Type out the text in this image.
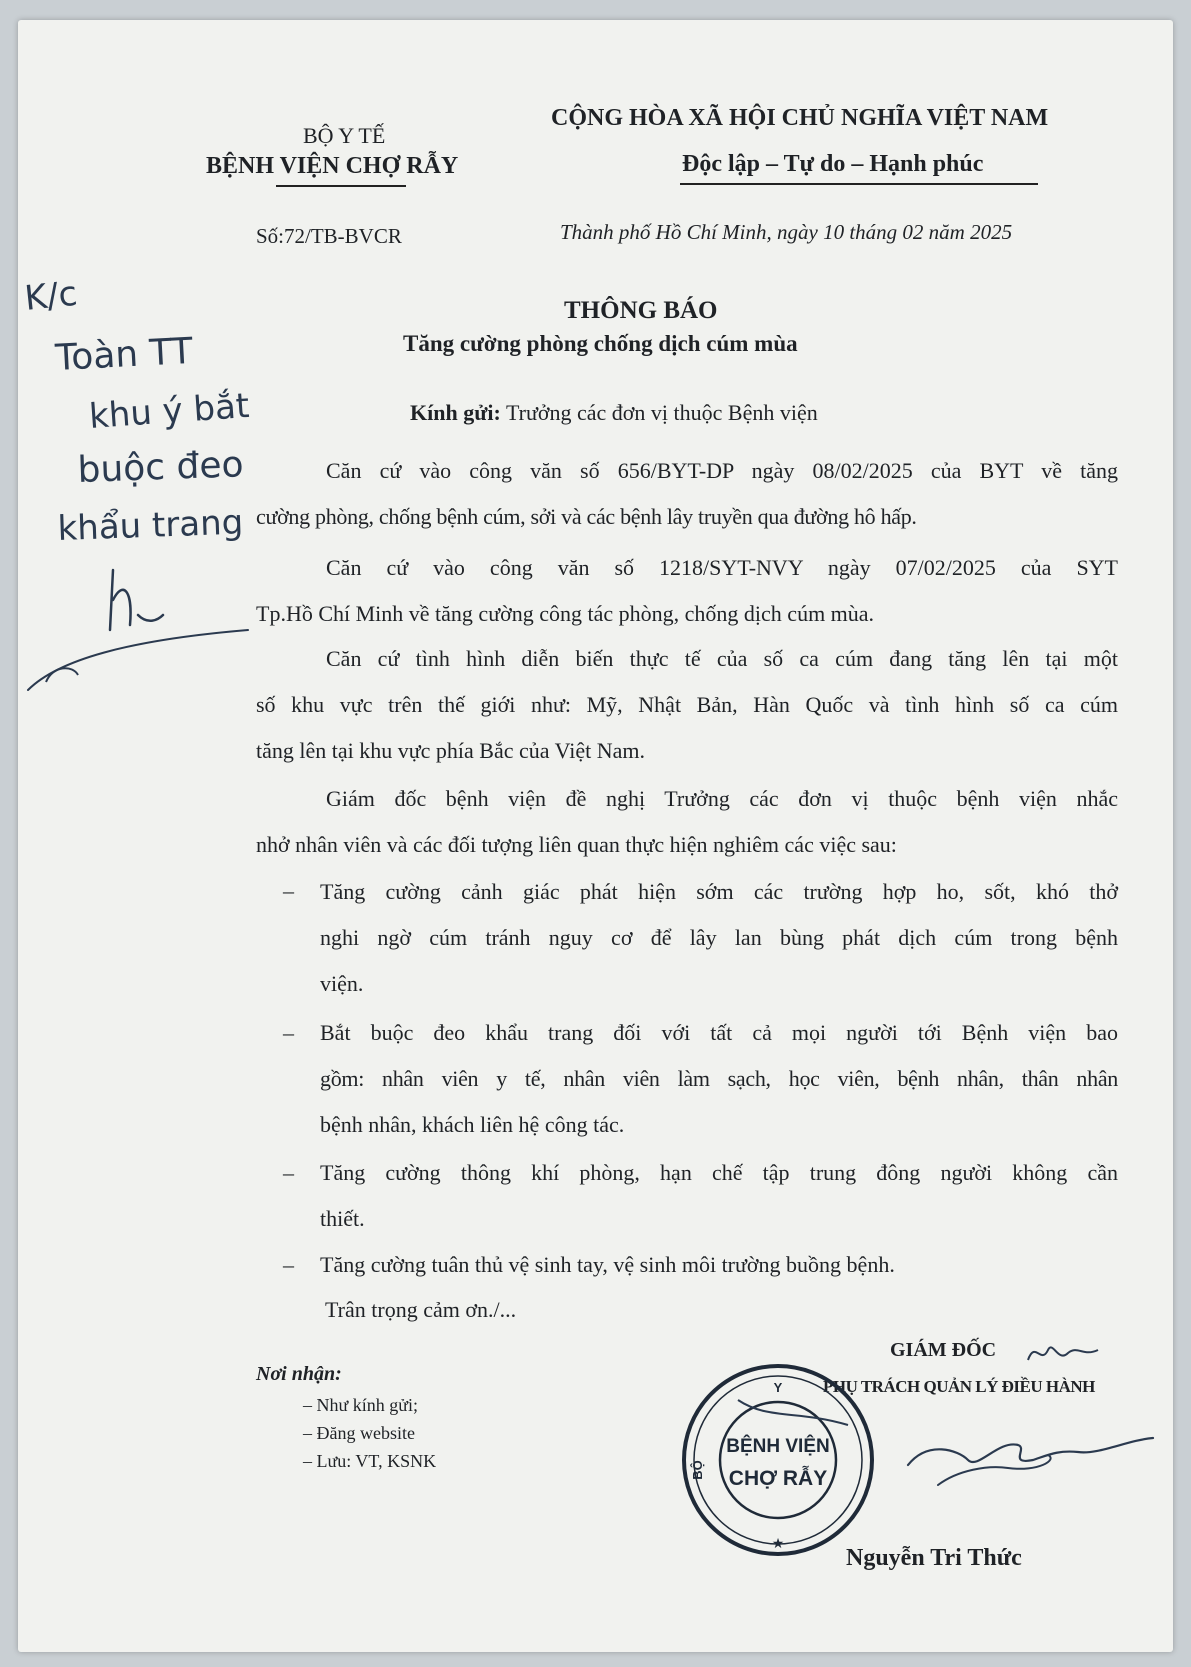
BỘ Y TẾ
BỆNH VIỆN CHỢ RẪY
CỘNG HÒA XÃ HỘI CHỦ NGHĨA VIỆT NAM
Độc lập – Tự do – Hạnh phúc
Số:72/TB-BVCR	Thành phố Hồ Chí Minh, ngày 10 tháng 02 năm 2025
THÔNG BÁO
Tăng cường phòng chống dịch cúm mùa
Kính gửi: Trưởng các đơn vị thuộc Bệnh viện
Căn cứ vào công văn số 656/BYT-DP ngày 08/02/2025 của BYT về tăng
cường phòng, chống bệnh cúm, sởi và các bệnh lây truyền qua đường hô hấp.
Căn cứ vào công văn số 1218/SYT-NVY ngày 07/02/2025 của SYT
Tp.Hồ Chí Minh về tăng cường công tác phòng, chống dịch cúm mùa.
Căn cứ tình hình diễn biến thực tế của số ca cúm đang tăng lên tại một
số khu vực trên thế giới như: Mỹ, Nhật Bản, Hàn Quốc và tình hình số ca cúm
tăng lên tại khu vực phía Bắc của Việt Nam.
Giám đốc bệnh viện đề nghị Trưởng các đơn vị thuộc bệnh viện nhắc
nhở nhân viên và các đối tượng liên quan thực hiện nghiêm các việc sau:
– Tăng cường cảnh giác phát hiện sớm các trường hợp ho, sốt, khó thở
nghi ngờ cúm tránh nguy cơ để lây lan bùng phát dịch cúm trong bệnh
viện.
– Bắt buộc đeo khẩu trang đối với tất cả mọi người tới Bệnh viện bao
gồm: nhân viên y tế, nhân viên làm sạch, học viên, bệnh nhân, thân nhân
bệnh nhân, khách liên hệ công tác.
– Tăng cường thông khí phòng, hạn chế tập trung đông người không cần
thiết.
– Tăng cường tuân thủ vệ sinh tay, vệ sinh môi trường buồng bệnh.
Trân trọng cảm ơn./...
Nơi nhận:
– Như kính gửi;
– Đăng website
– Lưu: VT, KSNK
GIÁM ĐỐC
PHỤ TRÁCH QUẢN LÝ ĐIỀU HÀNH
Y
BỘ
BỆNH VIỆN
CHỢ RẪY
★
Nguyễn Tri Thức
K/c
Toàn TT
khu ý bắt
buộc đeo
khẩu trang
